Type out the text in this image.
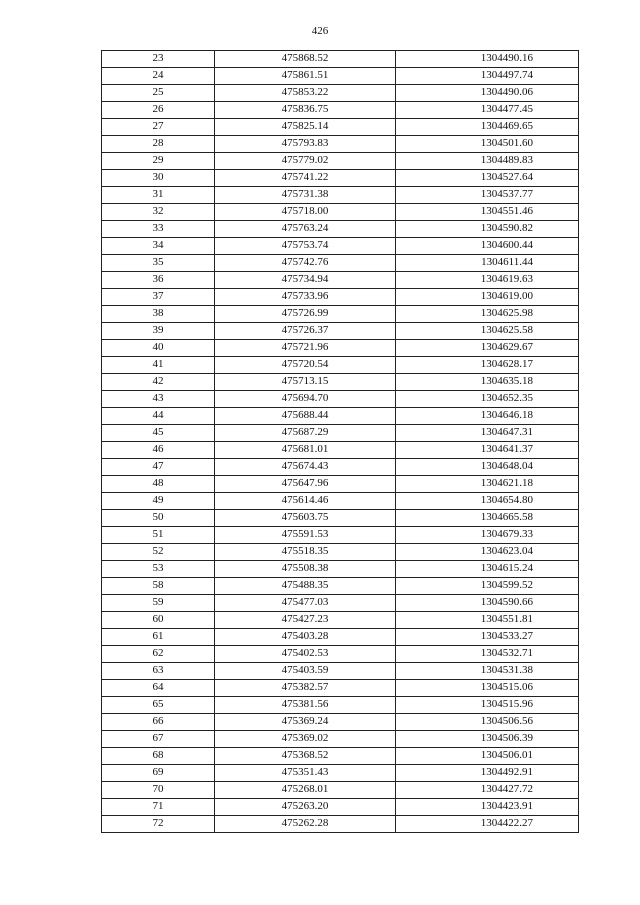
426
23	475868.52	1304490.16
24	475861.51	1304497.74
25	475853.22	1304490.06
26	475836.75	1304477.45
27	475825.14	1304469.65
28	475793.83	1304501.60
29	475779.02	1304489.83
30	475741.22	1304527.64
31	475731.38	1304537.77
32	475718.00	1304551.46
33	475763.24	1304590.82
34	475753.74	1304600.44
35	475742.76	1304611.44
36	475734.94	1304619.63
37	475733.96	1304619.00
38	475726.99	1304625.98
39	475726.37	1304625.58
40	475721.96	1304629.67
41	475720.54	1304628.17
42	475713.15	1304635.18
43	475694.70	1304652.35
44	475688.44	1304646.18
45	475687.29	1304647.31
46	475681.01	1304641.37
47	475674.43	1304648.04
48	475647.96	1304621.18
49	475614.46	1304654.80
50	475603.75	1304665.58
51	475591.53	1304679.33
52	475518.35	1304623.04
53	475508.38	1304615.24
58	475488.35	1304599.52
59	475477.03	1304590.66
60	475427.23	1304551.81
61	475403.28	1304533.27
62	475402.53	1304532.71
63	475403.59	1304531.38
64	475382.57	1304515.06
65	475381.56	1304515.96
66	475369.24	1304506.56
67	475369.02	1304506.39
68	475368.52	1304506.01
69	475351.43	1304492.91
70	475268.01	1304427.72
71	475263.20	1304423.91
72	475262.28	1304422.27
